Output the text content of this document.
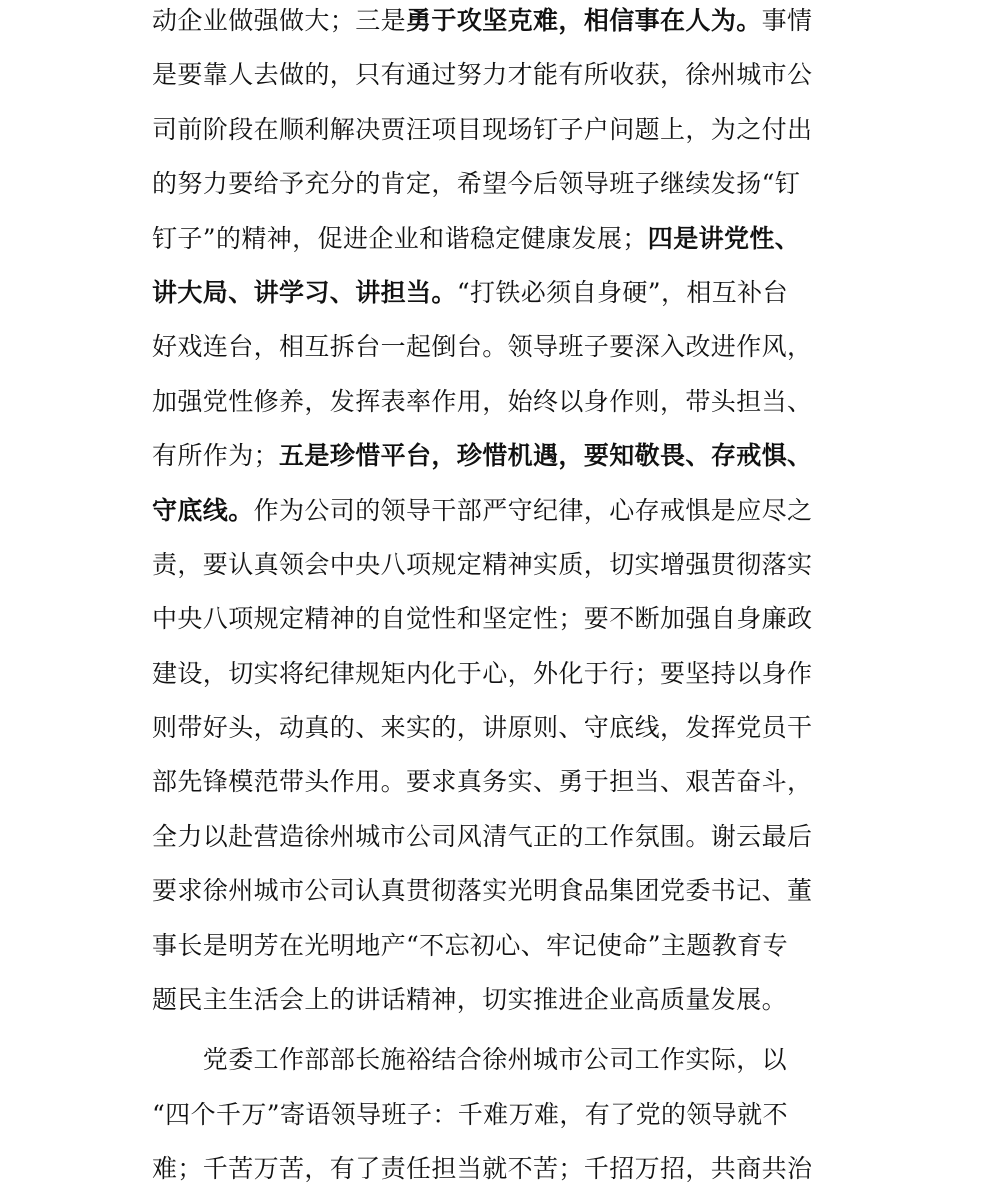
动企业做强做大；三是勇于攻坚克难，相信事在人为。事情
是要靠人去做的，只有通过努力才能有所收获，徐州城市公
司前阶段在顺利解决贾汪项目现场钉子户问题上，为之付出
的努力要给予充分的肯定，希望今后领导班子继续发扬“钉
钉子”的精神，促进企业和谐稳定健康发展；四是讲党性、
讲大局、讲学习、讲担当。“打铁必须自身硬”，相互补台
好戏连台，相互拆台一起倒台。领导班子要深入改进作风，
加强党性修养，发挥表率作用，始终以身作则，带头担当、
有所作为；五是珍惜平台，珍惜机遇，要知敬畏、存戒惧、
守底线。作为公司的领导干部严守纪律，心存戒惧是应尽之
责，要认真领会中央八项规定精神实质，切实增强贯彻落实
中央八项规定精神的自觉性和坚定性；要不断加强自身廉政
建设，切实将纪律规矩内化于心，外化于行；要坚持以身作
则带好头，动真的、来实的，讲原则、守底线，发挥党员干
部先锋模范带头作用。要求真务实、勇于担当、艰苦奋斗，
全力以赴营造徐州城市公司风清气正的工作氛围。谢云最后
要求徐州城市公司认真贯彻落实光明食品集团党委书记、董
事长是明芳在光明地产“不忘初心、牢记使命”主题教育专
题民主生活会上的讲话精神，切实推进企业高质量发展。
　　党委工作部部长施裕结合徐州城市公司工作实际，以
“四个千万”寄语领导班子：千难万难，有了党的领导就不
难；千苦万苦，有了责任担当就不苦；千招万招，共商共治
